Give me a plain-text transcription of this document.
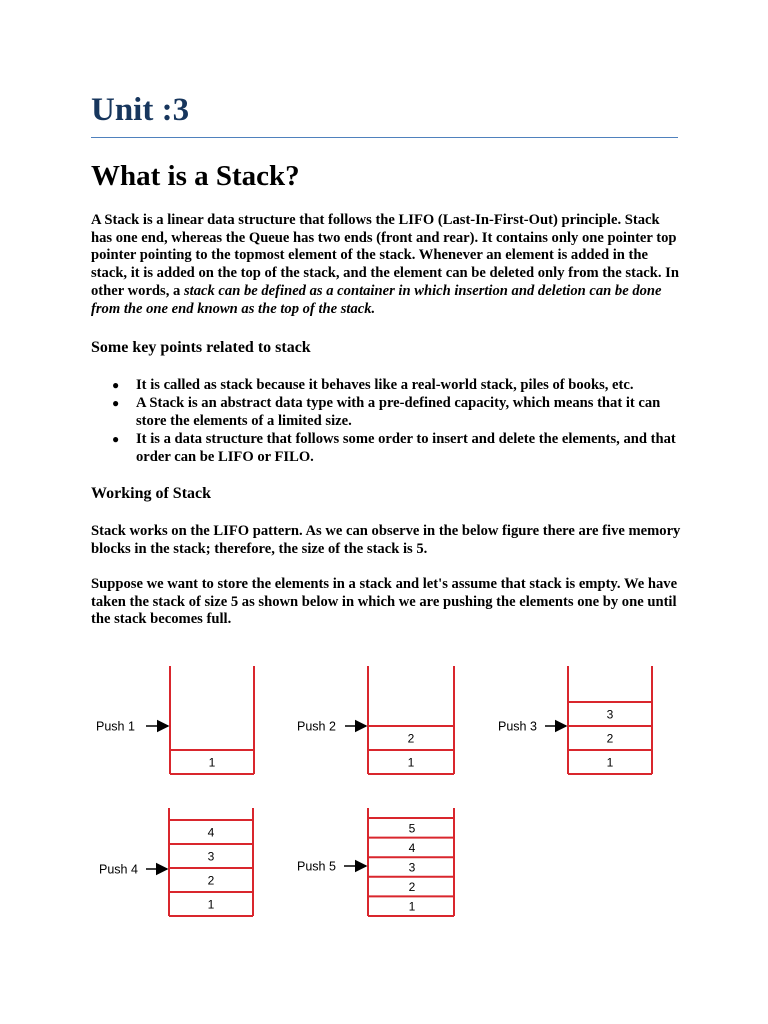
Unit :3
What is a Stack?

A Stack is a linear data structure that follows the LIFO (Last-In-First-Out) principle. Stack has one end, whereas the Queue has two ends (front and rear). It contains only one pointer top pointer pointing to the topmost element of the stack. Whenever an element is added in the stack, it is added on the top of the stack, and the element can be deleted only from the stack. In other words, a stack can be defined as a container in which insertion and deletion can be done from the one end known as the top of the stack.

Some key points related to stack
● It is called as stack because it behaves like a real-world stack, piles of books, etc.
● A Stack is an abstract data type with a pre-defined capacity, which means that it can store the elements of a limited size.
● It is a data structure that follows some order to insert and delete the elements, and that order can be LIFO or FILO.
Working of Stack

Stack works on the LIFO pattern. As we can observe in the below figure there are five memory blocks in the stack; therefore, the size of the stack is 5.

Suppose we want to store the elements in a stack and let's assume that stack is empty. We have taken the stack of size 5 as shown below in which we are pushing the elements one by one until the stack becomes full.

1
Push 1
1
2
Push 2
1
2
3
Push 3
1
2
3
4
Push 4
1
2
3
4
5
Push 5
